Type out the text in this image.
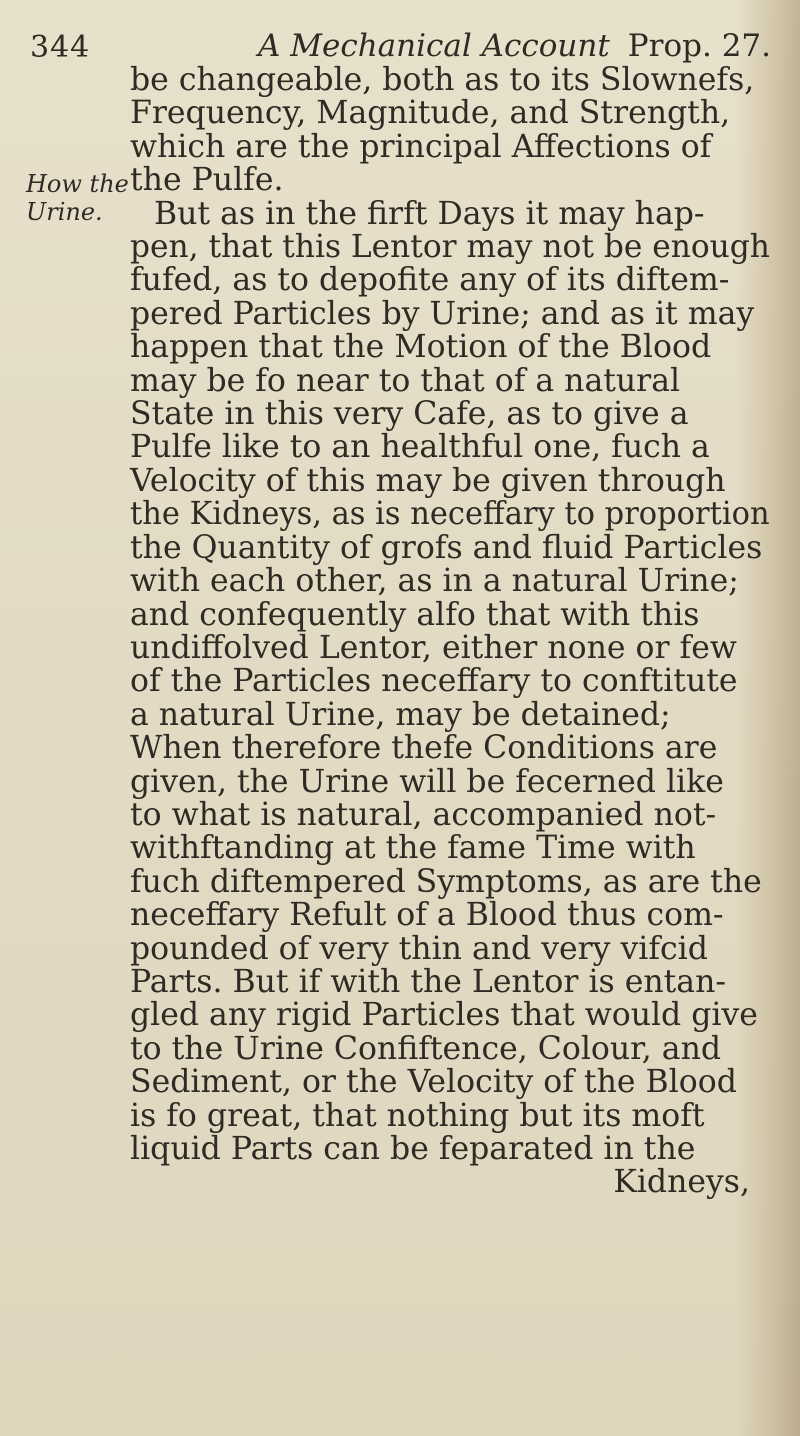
344	A Mechanical Account Prop. 27.
How the
Urine.
be changeable, both as to its Slownefs,
Frequency, Magnitude, and Strength,
which are the principal Affections of
the Pulfe.
But as in the firft Days it may hap-
pen, that this Lentor may not be enough
fufed, as to depofite any of its diftem-
pered Particles by Urine; and as it may
happen that the Motion of the Blood
may be fo near to that of a natural
State in this very Cafe, as to give a
Pulfe like to an healthful one, fuch a
Velocity of this may be given through
the Kidneys, as is neceffary to proportion
the Quantity of grofs and fluid Particles
with each other, as in a natural Urine;
and confequently alfo that with this
undiffolved Lentor, either none or few
of the Particles neceffary to conftitute
a natural Urine, may be detained;
When therefore thefe Conditions are
given, the Urine will be fecerned like
to what is natural, accompanied not-
withftanding at the fame Time with
fuch diftempered Symptoms, as are the
neceffary Refult of a Blood thus com-
pounded of very thin and very vifcid
Parts. But if with the Lentor is entan-
gled any rigid Particles that would give
to the Urine Confiftence, Colour, and
Sediment, or the Velocity of the Blood
is fo great, that nothing but its moft
liquid Parts can be feparated in the
Kidneys,
